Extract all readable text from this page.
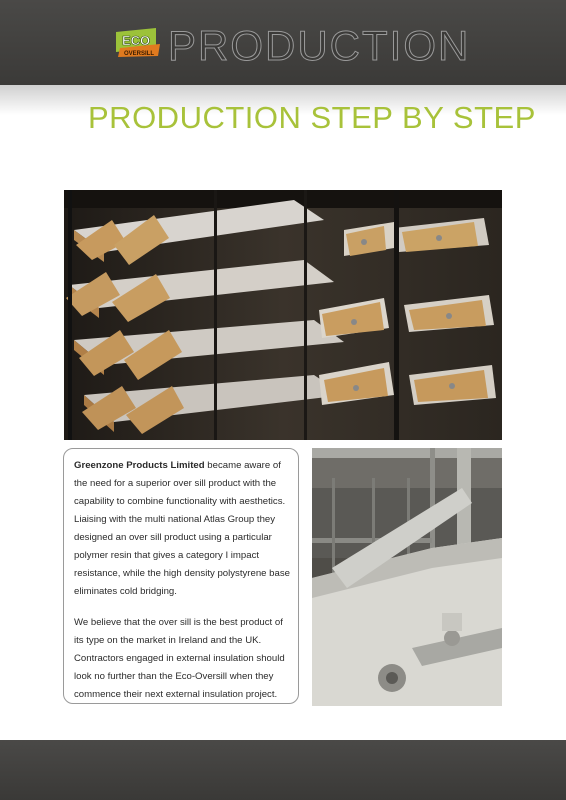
ECO
OVERSILL PRODUCTION
PRODUCTION STEP BY STEP

Greenzone Products Limited became aware of the need for a superior over sill product with the capability to combine functionality with aesthetics. Liaising with the multi national Atlas Group they designed an over sill product using a particular polymer resin that gives a category I impact resistance, while the high density polystyrene base eliminates cold bridging.

We believe that the over sill is the best product of its type on the market in Ireland and the UK. Contractors engaged in external insulation should look no further than the Eco-Oversill when they commence their next external insulation project.
